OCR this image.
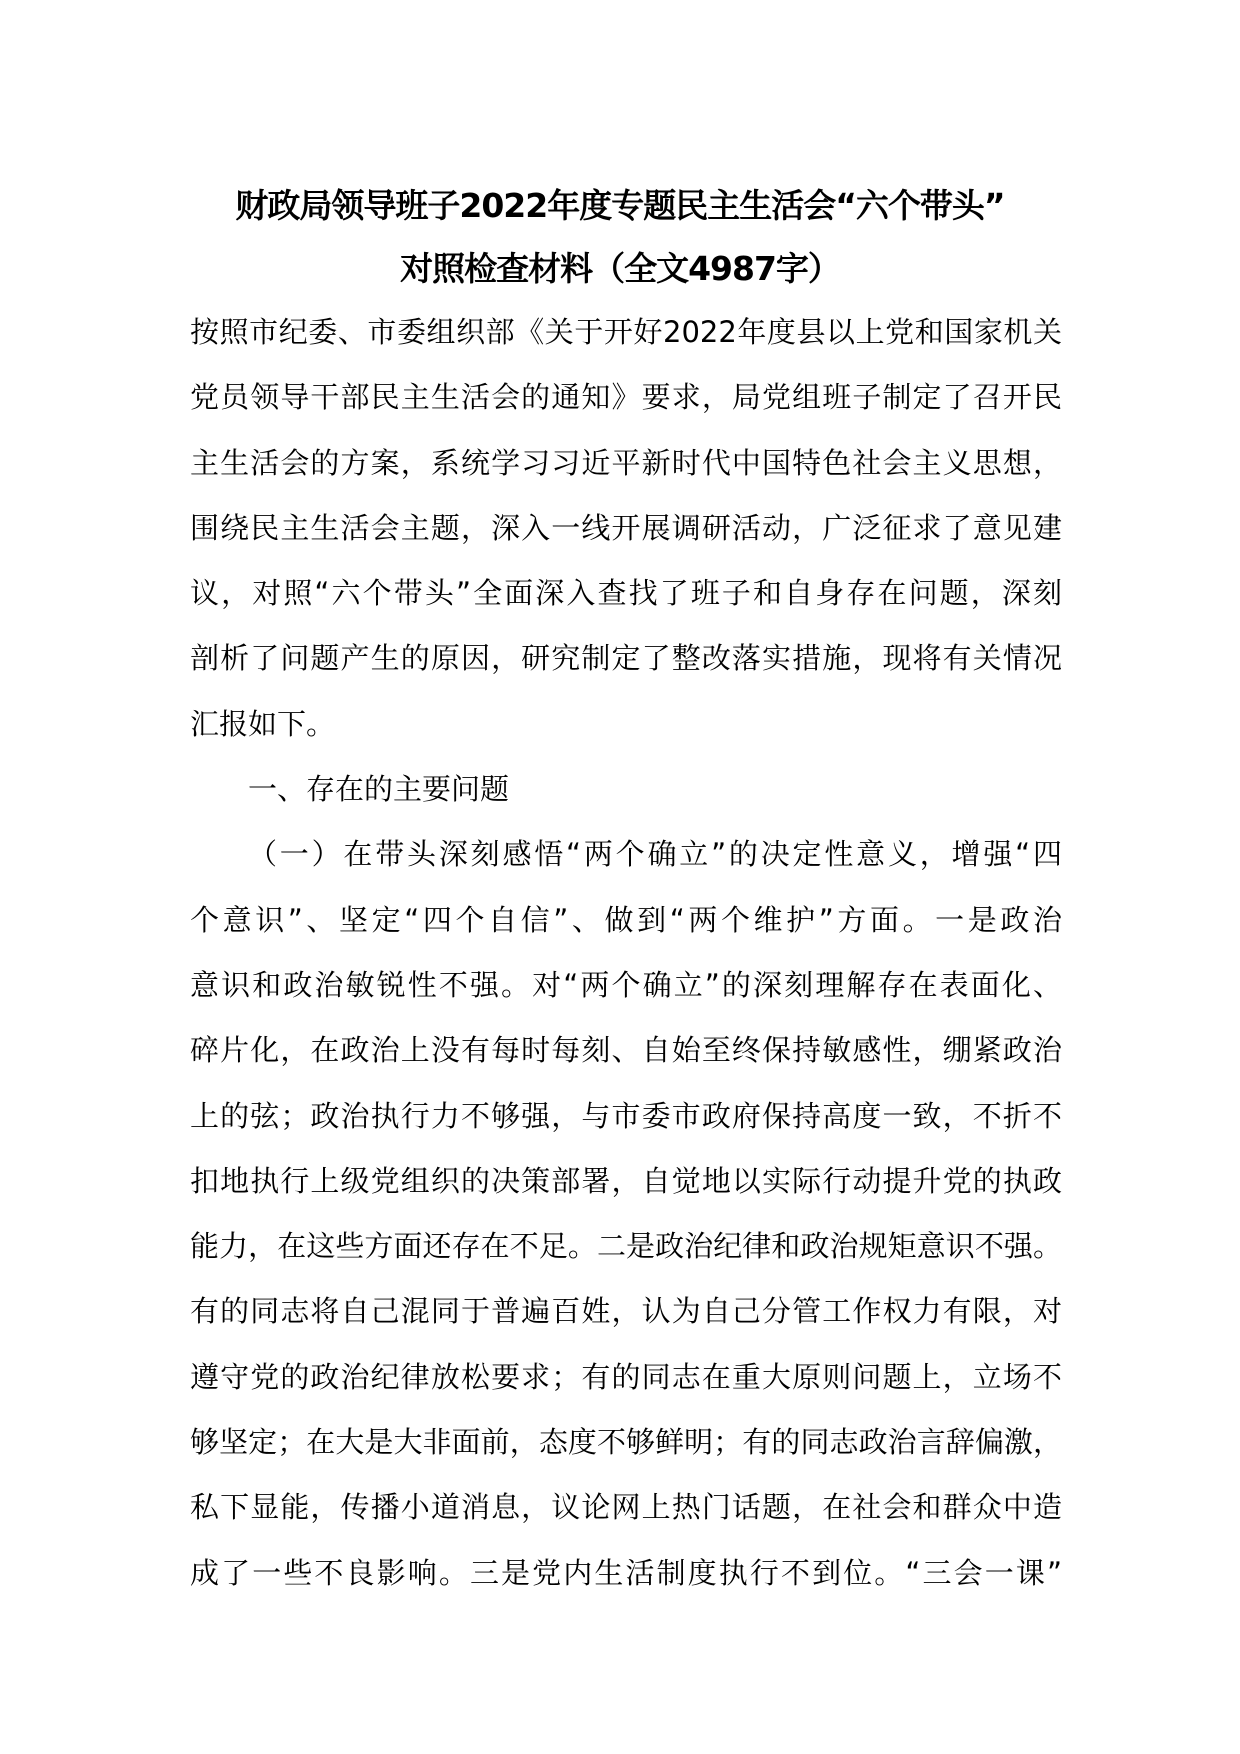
财政局领导班子2022年度专题民主生活会“六个带头”
对照检查材料（全文4987字）
按照市纪委、市委组织部《关于开好2022年度县以上党和国家机关
党员领导干部民主生活会的通知》要求，局党组班子制定了召开民
主生活会的方案，系统学习习近平新时代中国特色社会主义思想，
围绕民主生活会主题，深入一线开展调研活动，广泛征求了意见建
议，对照“六个带头”全面深入查找了班子和自身存在问题，深刻
剖析了问题产生的原因，研究制定了整改落实措施，现将有关情况
汇报如下。
一、存在的主要问题
（一）在带头深刻感悟“两个确立”的决定性意义，增强“四
个意识”、坚定“四个自信”、做到“两个维护”方面。一是政治
意识和政治敏锐性不强。对“两个确立”的深刻理解存在表面化、
碎片化，在政治上没有每时每刻、自始至终保持敏感性，绷紧政治
上的弦；政治执行力不够强，与市委市政府保持高度一致，不折不
扣地执行上级党组织的决策部署，自觉地以实际行动提升党的执政
能力，在这些方面还存在不足。二是政治纪律和政治规矩意识不强。
有的同志将自己混同于普遍百姓，认为自己分管工作权力有限，对
遵守党的政治纪律放松要求；有的同志在重大原则问题上，立场不
够坚定；在大是大非面前，态度不够鲜明；有的同志政治言辞偏激，
私下显能，传播小道消息，议论网上热门话题，在社会和群众中造
成了一些不良影响。三是党内生活制度执行不到位。“三会一课”
